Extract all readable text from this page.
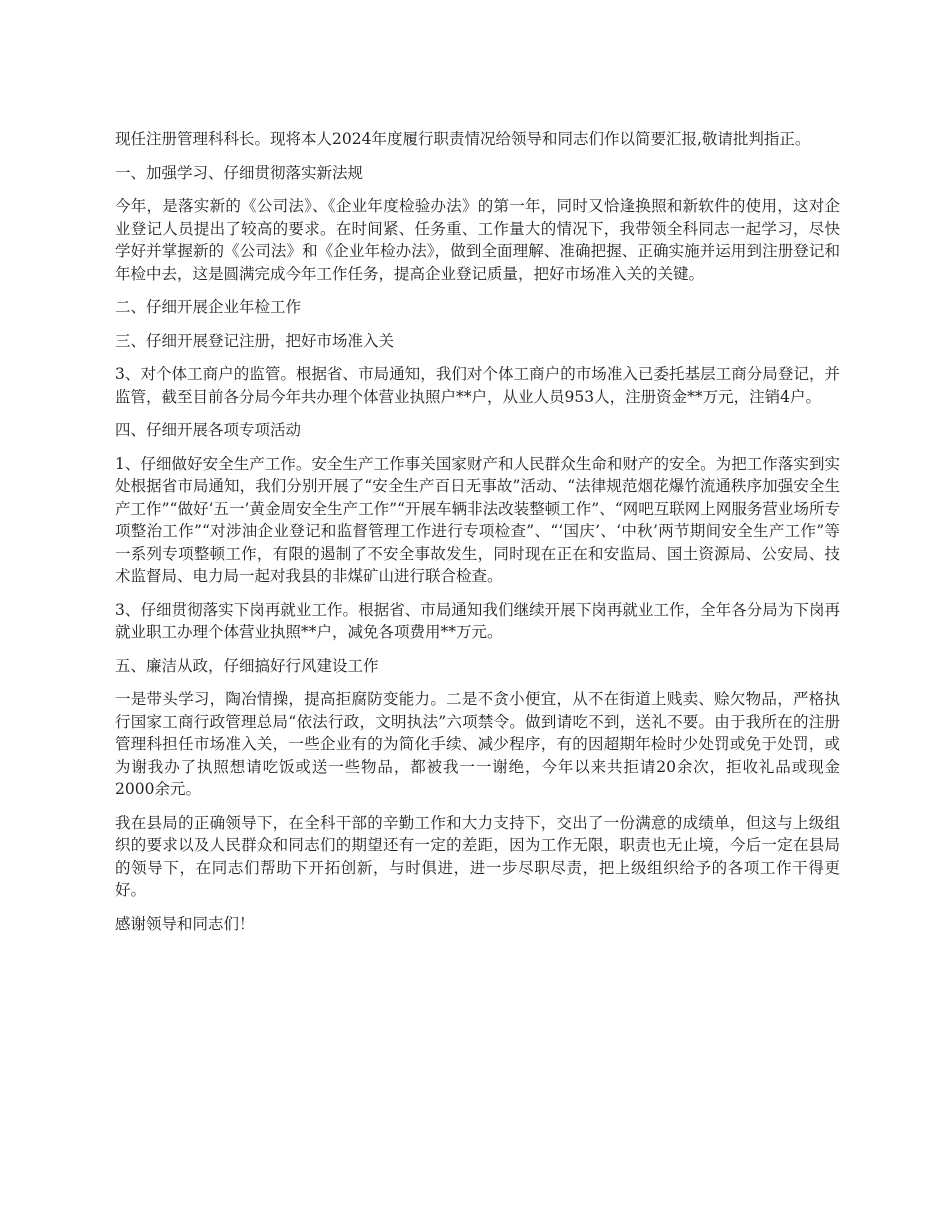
现任注册管理科科长。现将本人2024年度履行职责情况给领导和同志们作以简要汇报,敬请批判指正。

一、加强学习、仔细贯彻落实新法规

今年，是落实新的《公司法》、《企业年度检验办法》的第一年，同时又恰逢换照和新软件的使用，这对企业登记人员提出了较高的要求。在时间紧、任务重、工作量大的情况下，我带领全科同志一起学习，尽快学好并掌握新的《公司法》和《企业年检办法》，做到全面理解、准确把握、正确实施并运用到注册登记和年检中去，这是圆满完成今年工作任务，提高企业登记质量，把好市场准入关的关键。

二、仔细开展企业年检工作

三、仔细开展登记注册，把好市场准入关

3、对个体工商户的监管。根据省、市局通知，我们对个体工商户的市场准入已委托基层工商分局登记，并监管，截至目前各分局今年共办理个体营业执照户**户，从业人员953人，注册资金**万元，注销4户。

四、仔细开展各项专项活动

1、仔细做好安全生产工作。安全生产工作事关国家财产和人民群众生命和财产的安全。为把工作落实到实处根据省市局通知，我们分别开展了“安全生产百日无事故”活动、“法律规范烟花爆竹流通秩序加强安全生产工作”“做好‘五一’黄金周安全生产工作”“开展车辆非法改装整顿工作”、“网吧互联网上网服务营业场所专项整治工作”“对涉油企业登记和监督管理工作进行专项检查”、“‘国庆’、‘中秋’两节期间安全生产工作”等一系列专项整顿工作，有限的遏制了不安全事故发生，同时现在正在和安监局、国土资源局、公安局、技术监督局、电力局一起对我县的非煤矿山进行联合检查。

3、仔细贯彻落实下岗再就业工作。根据省、市局通知我们继续开展下岗再就业工作，全年各分局为下岗再就业职工办理个体营业执照**户，减免各项费用**万元。

五、廉洁从政，仔细搞好行风建设工作

一是带头学习，陶冶情操，提高拒腐防变能力。二是不贪小便宜，从不在街道上贱卖、赊欠物品，严格执行国家工商行政管理总局“依法行政，文明执法”六项禁令。做到请吃不到，送礼不要。由于我所在的注册管理科担任市场准入关，一些企业有的为简化手续、减少程序，有的因超期年检时少处罚或免于处罚，或为谢我办了执照想请吃饭或送一些物品，都被我一一谢绝，今年以来共拒请20余次，拒收礼品或现金2000余元。

我在县局的正确领导下，在全科干部的辛勤工作和大力支持下，交出了一份满意的成绩单，但这与上级组织的要求以及人民群众和同志们的期望还有一定的差距，因为工作无限，职责也无止境，今后一定在县局的领导下，在同志们帮助下开拓创新，与时俱进，进一步尽职尽责，把上级组织给予的各项工作干得更好。

感谢领导和同志们！
